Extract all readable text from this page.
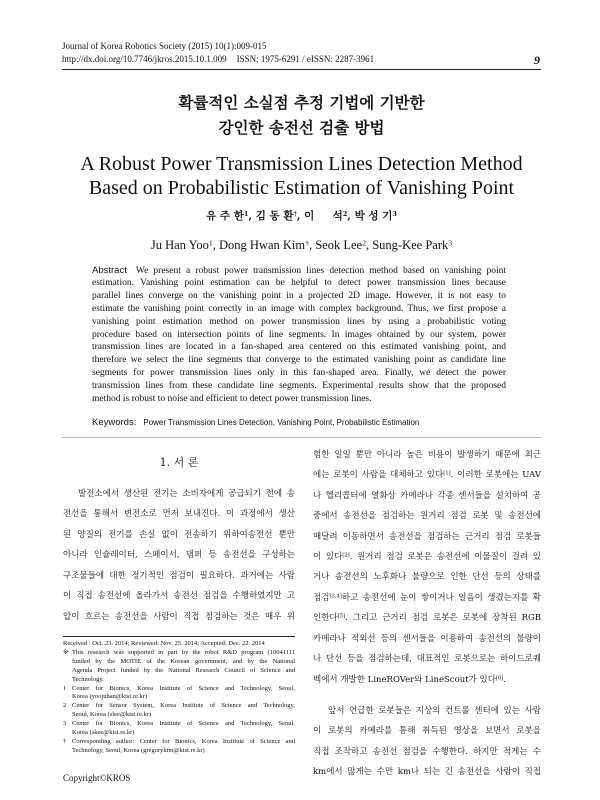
Journal of Korea Robotics Society (2015) 10(1):009-015
http://dx.doi.org/10.7746/jkros.2015.10.1.009 ISSN: 1975-6291 / eISSN: 2287-3961	9
확률적인 소실점 추정 기법에 기반한
강인한 송전선 검출 방법
A Robust Power Transmission Lines Detection Method
Based on Probabilistic Estimation of Vanishing Point
유 주 한$^1$, 김 동 환†, 이     석$^2$, 박 성 기$^3$
Ju Han Yoo$^1$, Dong Hwan Kim†, Seok Lee$^2$, Sung-Kee Park$^3$
Abstract We present a robust power transmission lines detection method based on vanishing point
estimation. Vanishing point estimation can be helpful to detect power transmission lines because
parallel lines converge on the vanishing point in a projected 2D image. However, it is not easy to
estimate the vanishing point correctly in an image with complex background. Thus, we first propose a
vanishing point estimation method on power transmission lines by using a probabilistic voting
procedure based on intersection points of line segments. In images obtained by our system, power
transmission lines are located in a fan-shaped area centered on this estimated vanishing point, and
therefore we select the line segments that converge to the estimated vanishing point as candidate line
segments for power transmission lines only in this fan-shaped area. Finally, we detect the power
transmission lines from these candidate line segments. Experimental results show that the proposed
method is robust to noise and efficient to detect power transmission lines.
Keywords: Power Transmission Lines Detection, Vanishing Point, Probabilistic Estimation
1. 서 론
발전소에서 생산된 전기는 소비자에게 공급되기 전에 송
전선을 통해서 변전소로 먼저 보내진다. 이 과정에서 생산
된 양질의 전기를 손실 없이 전송하기 위하여송전선 뿐만
아니라 인슐레이터, 스페이서, 댐퍼 등 송전선을 구성하는
구조물들에 대한 정기적인 점검이 필요하다. 과거에는 사람
이 직접 송전선에 올라가서 송전선 점검을 수행하였지만 고
압이 흐르는 송전선을 사람이 직접 점검하는 것은 매우 위
Received : Oct. 23. 2014; Reviewed: Nov. 25. 2014; Accepted: Dec. 22. 2014
※ This research was supported in part by the robot R&D program (10041111
funded by the MOTIE of the Korean government, and by the National
Agenda Project funded by the National Research Council of Science and
Technology.
1 Center for Bionics, Korea Institute of Science and Technology, Seoul,
Korea (yoojuhan@kist.re.kr)
2 Center for Sensor System, Korea Institute of Science and Technology,
Seoul, Korea (slee@kist.re.kr)
3 Center for Bionics, Korea Institute of Science and Technology, Seoul,
Korea (skee@kist.re.kr)
† Corresponding author: Center for Bionics, Korea Institute of Science and
Technology, Seoul, Korea (gregorykim@kist.re.kr)
Copyright©KROS
험한 일일 뿐만 아니라 높은 비용이 발생하기 때문에 최근
에는 로봇이 사람을 대체하고 있다[1]. 이러한 로봇에는 UAV
나 헬리콥터에 열화상 카메라나 각종 센서들을 설치하여 공
중에서 송전선을 점검하는 원거리 점검 로봇 및 송전선에
매달려 이동하면서 송전선을 점검하는 근거리 점검 로봇들
이 있다[2]. 원거리 점검 로봇은 송전선에 이물질이 걸려 있
거나 송전선의 노후화나 불량으로 인한 단선 등의 상태를
점검[3,4]하고 송전선에 눈이 쌓이거나 얼음이 생겼는지를 확
인한다[5]. 그리고 근거리 점검 로봇은 로봇에 장착된 RGB
카메라나 적외선 등의 센서들을 이용하여 송전선의 불량이
나 단선 등을 점검하는데, 대표적인 로봇으로는 하이드로퀘
벡에서 개발한 LineROVer와 LineScout가 있다[6].
앞서 언급한 로봇들은 지상의 컨트롤 센터에 있는 사람
이 로봇의 카메라를 통해 취득된 영상을 보면서 로봇을
직접 조작하고 송전선 점검을 수행한다. 하지만 적게는 수
km에서 많게는 수만 km나 되는 긴 송전선을 사람이 직접
